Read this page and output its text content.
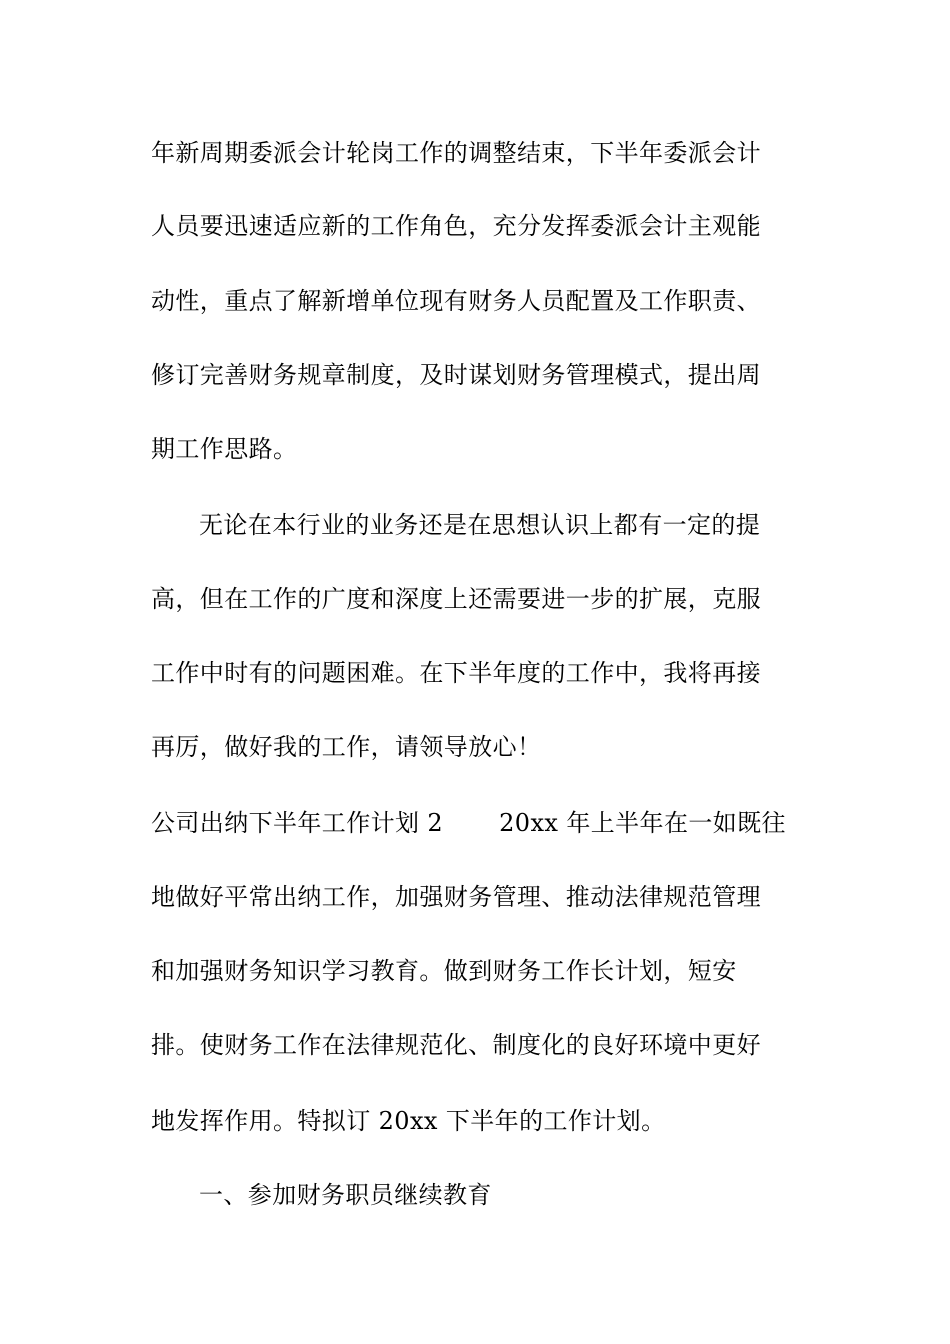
年新周期委派会计轮岗工作的调整结束，下半年委派会计
人员要迅速适应新的工作角色，充分发挥委派会计主观能
动性，重点了解新增单位现有财务人员配置及工作职责、
修订完善财务规章制度，及时谋划财务管理模式，提出周
期工作思路。
无论在本行业的业务还是在思想认识上都有一定的提
高，但在工作的广度和深度上还需要进一步的扩展，克服
工作中时有的问题困难。在下半年度的工作中，我将再接
再厉，做好我的工作，请领导放心！
公司出纳下半年工作计划 2 20xx 年上半年在一如既往
地做好平常出纳工作，加强财务管理、推动法律规范管理
和加强财务知识学习教育。做到财务工作长计划，短安
排。使财务工作在法律规范化、制度化的良好环境中更好
地发挥作用。特拟订 20xx 下半年的工作计划。
一、参加财务职员继续教育
